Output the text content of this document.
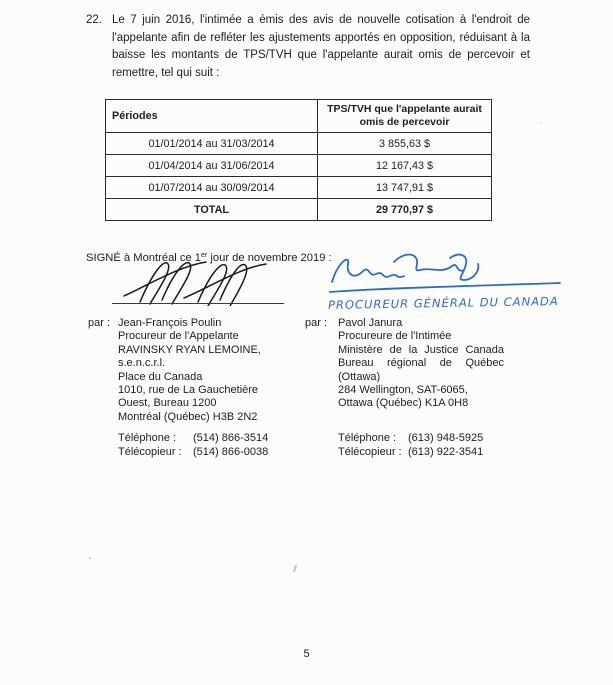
22. Le 7 juin 2016, l'intimée a émis des avis de nouvelle cotisation à l'endroit de l'appelante afin de refléter les ajustements apportés en opposition, réduisant à la baisse les montants de TPS/TVH que l'appelante aurait omis de percevoir et remettre, tel qui suit :
Périodes	TPS/TVH que l'appelante aurait omis de percevoir
01/01/2014 au 31/03/2014	3 855,63 $
01/04/2014 au 31/06/2014	12 167,43 $
01/07/2014 au 30/09/2014	13 747,91 $
TOTAL	29 770,97 $
SIGNÉ à Montréal ce 1er jour de novembre 2019 :
PROCUREUR GÉNÉRAL DU CANADA
par :	par :
Jean-François Poulin
Procureur de l'Appelante
RAVINSKY RYAN LEMOINE,
s.e.n.c.r.l.
Place du Canada
1010, rue de La Gauchetière
Ouest, Bureau 1200
Montréal (Québec) H3B 2N2
Pavol Janura
Procureure de l'Intimée
Ministère de la Justice Canada
Bureau régional de Québec
(Ottawa)
284 Wellington, SAT-6065,
Ottawa (Québec) K1A 0H8
Téléphone :	(514) 866-3514
Télécopieur :	(514) 866-0038
Téléphone :	(613) 948-5925
Télécopieur : (613) 922-3541
5
